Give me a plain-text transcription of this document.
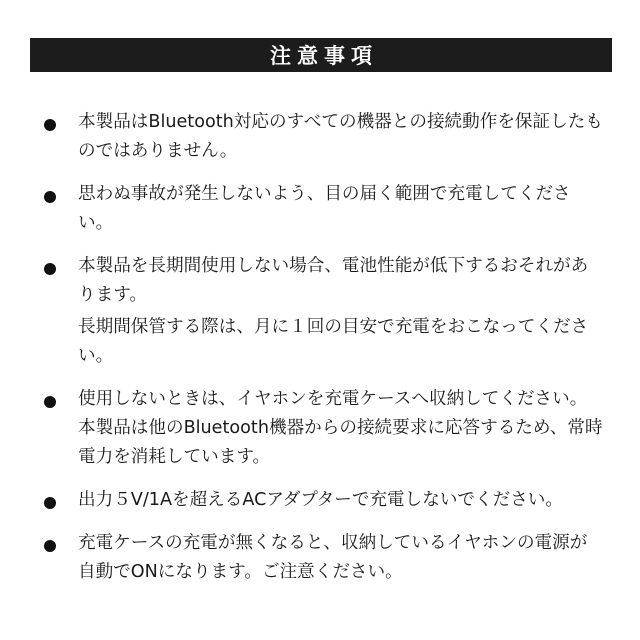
注意事項

本製品はBluetooth対応のすべての機器との接続動作を保証したものではありません。

思わぬ事故が発生しないよう、目の届く範囲で充電してください。

本製品を長期間使用しない場合、電池性能が低下するおそれがあります。

長期間保管する際は、月に１回の目安で充電をおこなってください。

使用しないときは、イヤホンを充電ケースへ収納してください。本製品は他のBluetooth機器からの接続要求に応答するため、常時電力を消耗しています。

出力５V/1Aを超えるACアダプターで充電しないでください。

充電ケースの充電が無くなると、収納しているイヤホンの電源が自動でONになります。ご注意ください。
